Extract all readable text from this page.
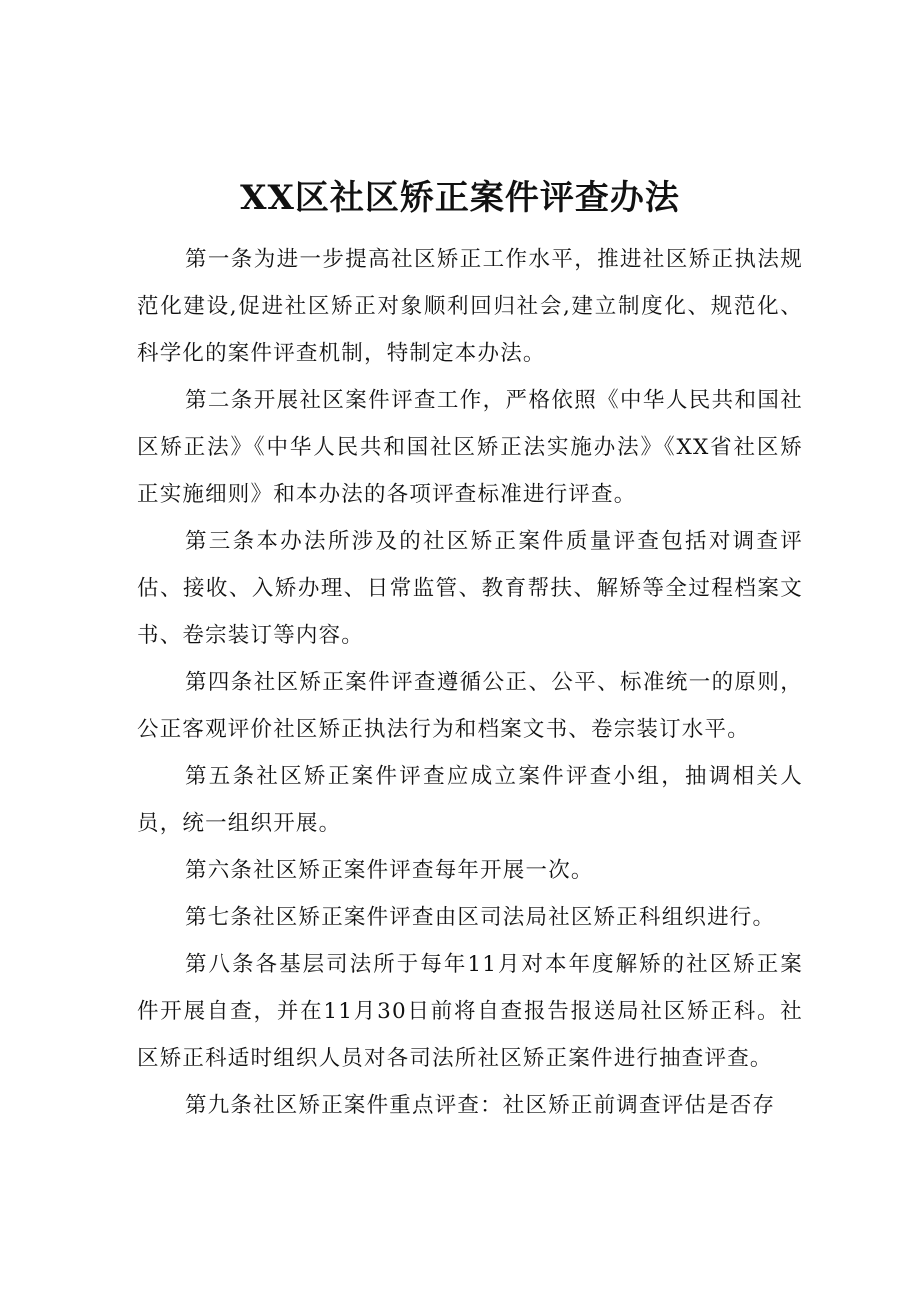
XX区社区矫正案件评查办法

第一条为进一步提高社区矫正工作水平，推进社区矫正执法规范化建设,促进社区矫正对象顺利回归社会,建立制度化、规范化、科学化的案件评查机制，特制定本办法。

第二条开展社区案件评查工作，严格依照《中华人民共和国社区矫正法》《中华人民共和国社区矫正法实施办法》《XX省社区矫正实施细则》和本办法的各项评查标准进行评查。

第三条本办法所涉及的社区矫正案件质量评查包括对调查评估、接收、入矫办理、日常监管、教育帮扶、解矫等全过程档案文书、卷宗装订等内容。

第四条社区矫正案件评查遵循公正、公平、标准统一的原则，公正客观评价社区矫正执法行为和档案文书、卷宗装订水平。

第五条社区矫正案件评查应成立案件评查小组，抽调相关人员，统一组织开展。

第六条社区矫正案件评查每年开展一次。

第七条社区矫正案件评查由区司法局社区矫正科组织进行。

第八条各基层司法所于每年11月对本年度解矫的社区矫正案件开展自查，并在11月30日前将自查报告报送局社区矫正科。社区矫正科适时组织人员对各司法所社区矫正案件进行抽查评查。

第九条社区矫正案件重点评查：社区矫正前调查评估是否存
